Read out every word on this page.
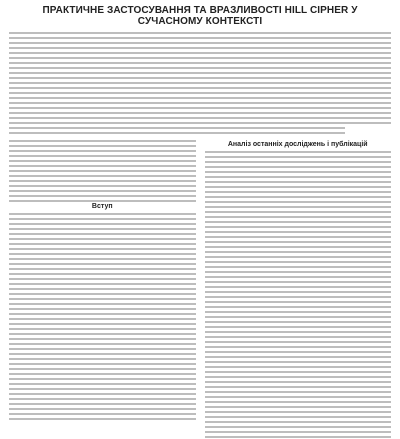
ПРАКТИЧНЕ ЗАСТОСУВАННЯ ТА ВРАЗЛИВОСТІ HILL CIPHER У СУЧАСНОМУ КОНТЕКСТІ
Вступ
Аналіз останніх досліджень і публікацій
